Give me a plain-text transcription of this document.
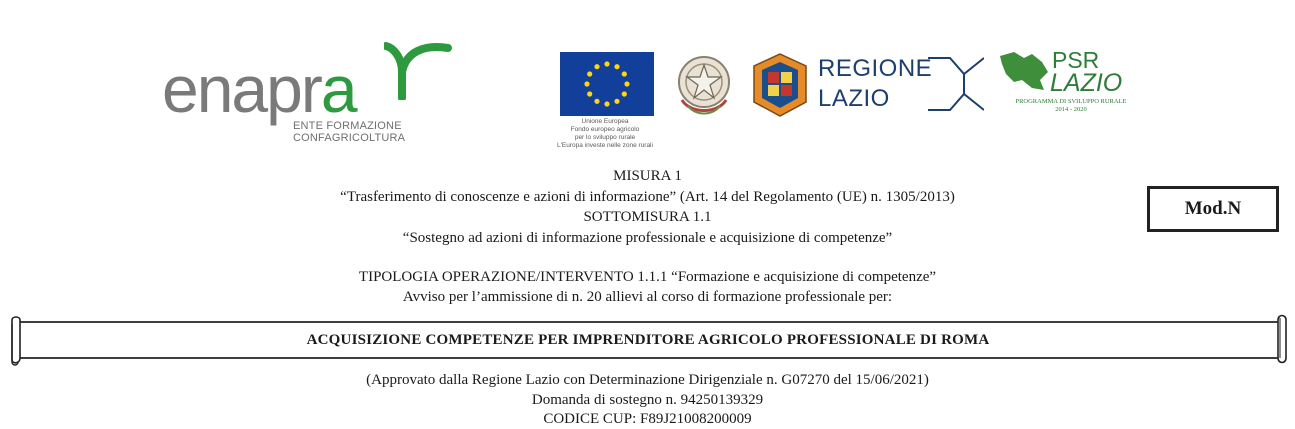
enapra
ENTE FORMAZIONE
CONFAGRICOLTURA
Unione Europea
Fondo europeo agricolo
per lo sviluppo rurale
L'Europa investe nelle zone rurali
REGIONE
LAZIO
PSR
LAZIO
PROGRAMMA DI SVILUPPO RURALE
2014 - 2020
MISURA 1
“Trasferimento di conoscenze e azioni di informazione” (Art. 14 del Regolamento (UE) n. 1305/2013)
SOTTOMISURA 1.1
“Sostegno ad azioni di informazione professionale e acquisizione di competenze”
TIPOLOGIA OPERAZIONE/INTERVENTO 1.1.1 “Formazione e acquisizione di competenze”
Avviso per l’ammissione di n. 20 allievi al corso di formazione professionale per:
Mod.N
ACQUISIZIONE COMPETENZE PER IMPRENDITORE AGRICOLO PROFESSIONALE DI ROMA
(Approvato dalla Regione Lazio con Determinazione Dirigenziale n. G07270 del 15/06/2021)
Domanda di sostegno n. 94250139329
CODICE CUP: F89J21008200009
